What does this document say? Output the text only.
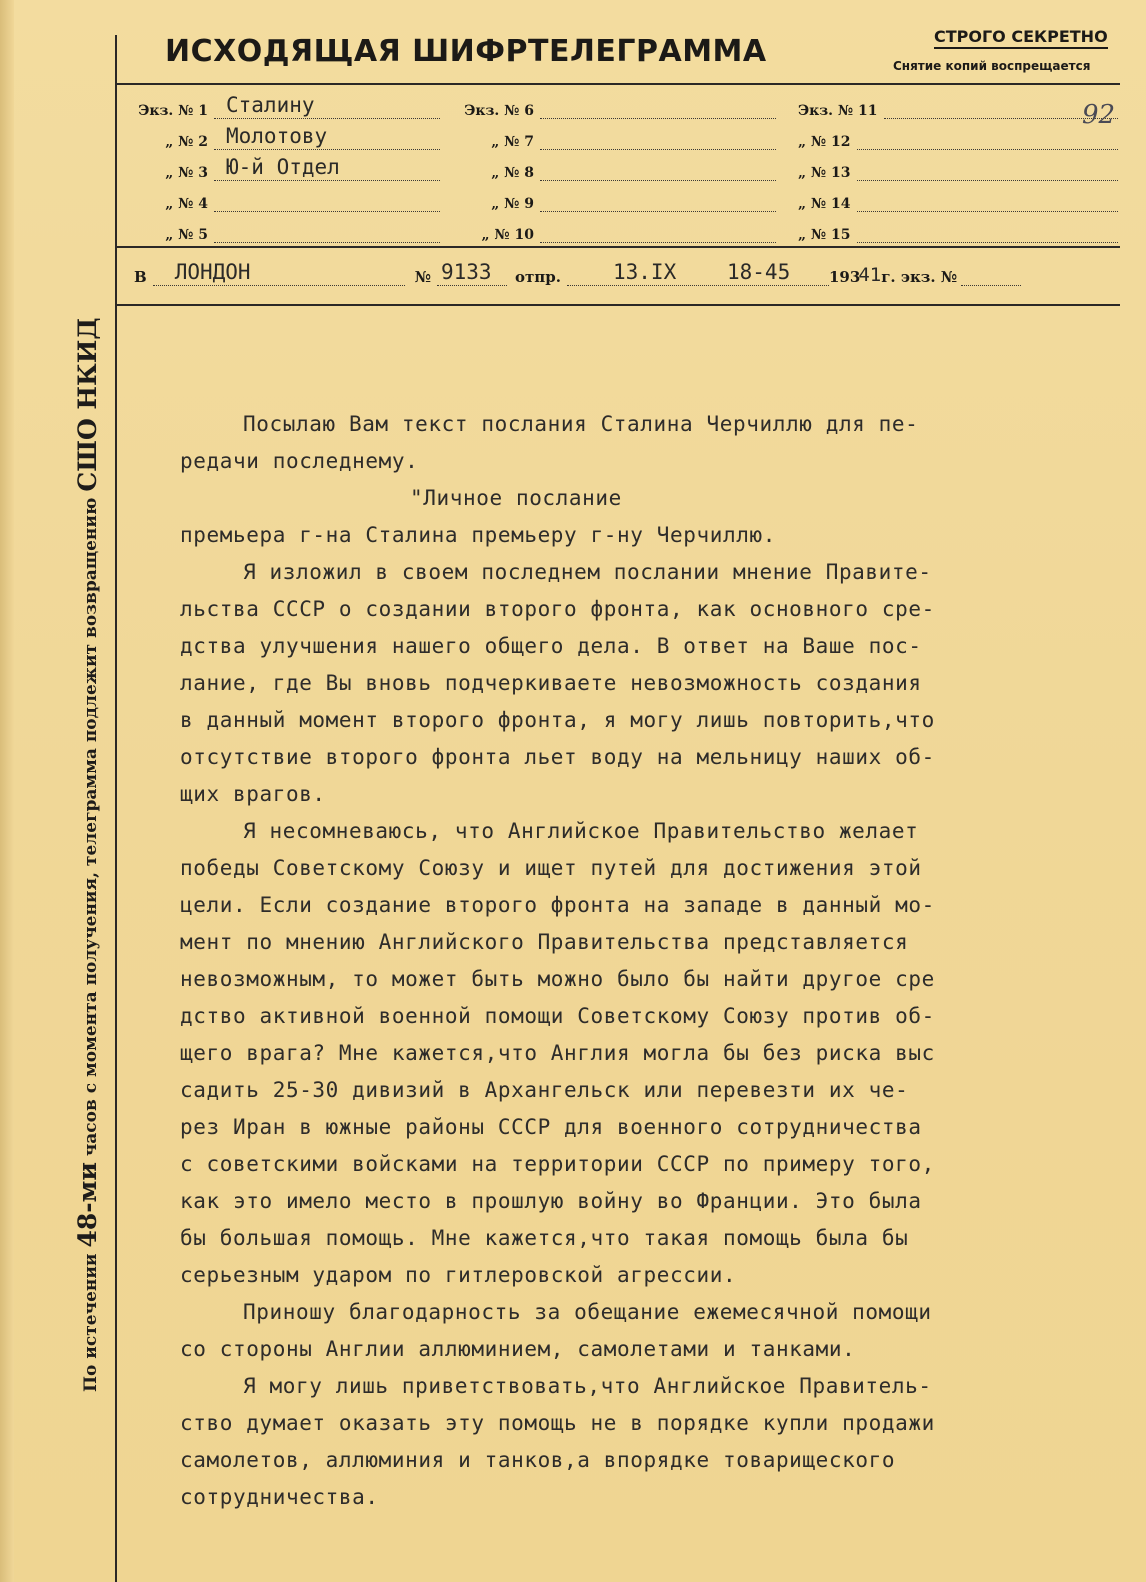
По истечении 48-ми часов с момента получения, телеграмма подлежит возвращению СШО НКИД
ИСХОДЯЩАЯ ШИФРТЕЛЕГРАММА	СТРОГО СЕКРЕТНО
Снятие копий воспрещается
92
Экз. № 1 Сталину
„ № 2 Молотову
„ № 3 Ю-й Отдел
„ № 4
„ № 5
Экз. № 6
„ № 7
„ № 8
„ № 9
„ № 10
Экз. № 11
„ № 12
„ № 13
„ № 14
„ № 15
В ЛОНДОН	№ 9133 отпр. 13.IX 18-45	193
41 г. экз. №
Посылаю Вам текст послания Сталина Черчиллю для пе-
редачи последнему.
"Личное послание
премьера г-на Сталина премьеру г-ну Черчиллю.
Я изложил в своем последнем послании мнение Правите-
льства СССР о создании второго фронта, как основного сре-
дства улучшения нашего общего дела. В ответ на Ваше пос-
лание, где Вы вновь подчеркиваете невозможность создания
в данный момент второго фронта, я могу лишь повторить,что
отсутствие второго фронта льет воду на мельницу наших об-
щих врагов.
Я несомневаюсь, что Английское Правительство желает
победы Советскому Союзу и ищет путей для достижения этой
цели. Если создание второго фронта на западе в данный мо-
мент по мнению Английского Правительства представляется
невозможным, то может быть можно было бы найти другое сре
дство активной военной помощи Советскому Союзу против об-
щего врага? Мне кажется,что Англия могла бы без риска выс
садить 25-30 дивизий в Архангельск или перевезти их че-
рез Иран в южные районы СССР для военного сотрудничества
с советскими войсками на территории СССР по примеру того,
как это имело место в прошлую войну во Франции. Это была
бы большая помощь. Мне кажется,что такая помощь была бы
серьезным ударом по гитлеровской агрессии.
Приношу благодарность за обещание ежемесячной помощи
со стороны Англии аллюминием, самолетами и танками.
Я могу лишь приветствовать,что Английское Правитель-
ство думает оказать эту помощь не в порядке купли продажи
самолетов, аллюминия и танков,а впорядке товарищеского
сотрудничества.
